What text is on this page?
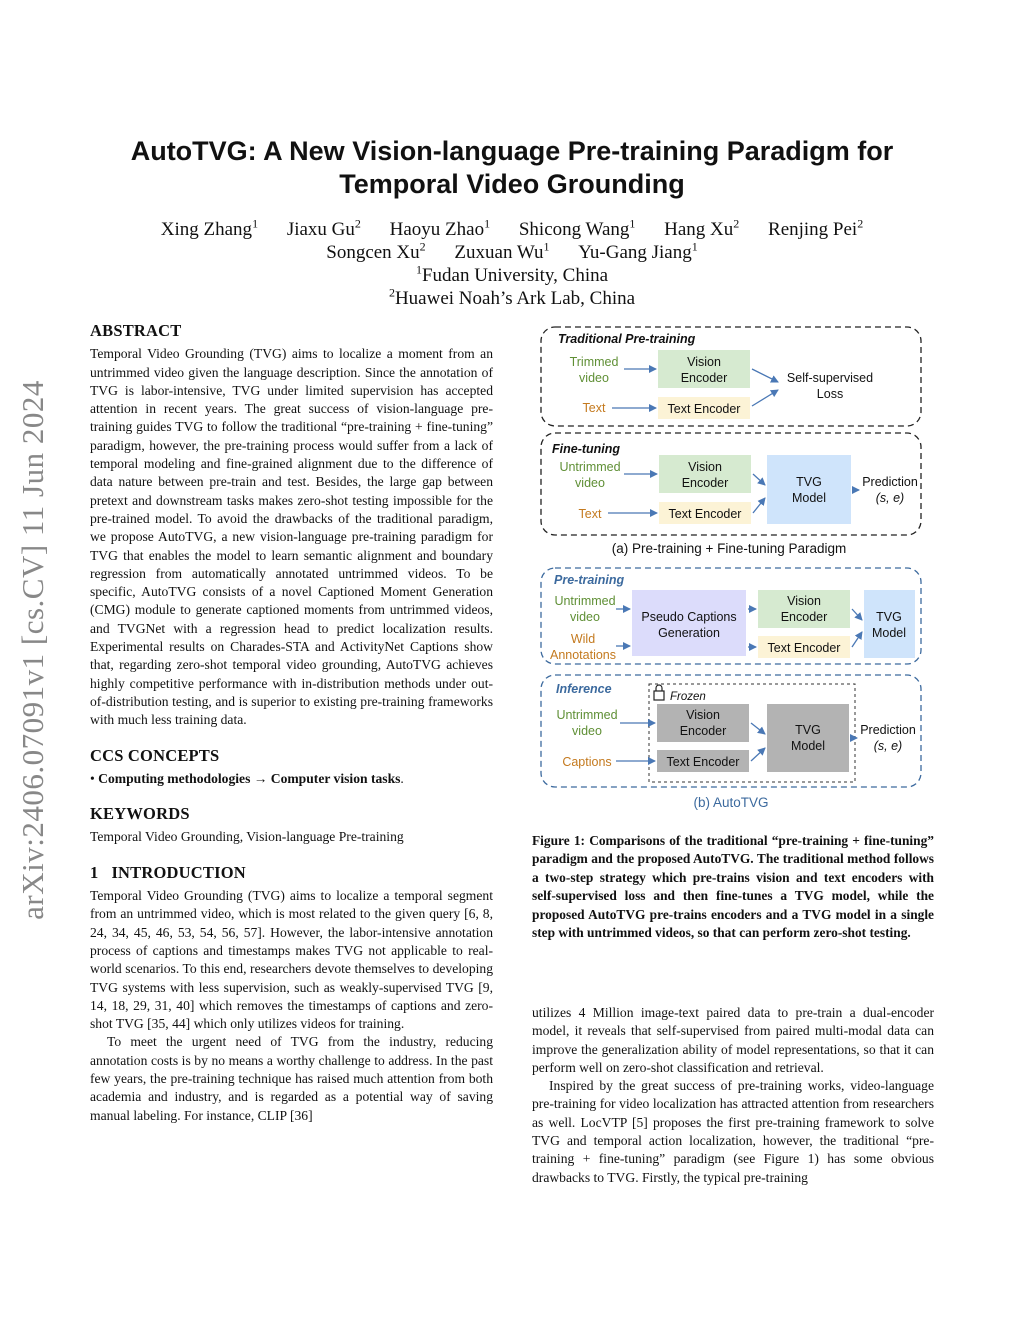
arXiv:2406.07091v1 [cs.CV] 11 Jun 2024
AutoTVG: A New Vision-language Pre-training Paradigm for
Temporal Video Grounding
Xing Zhang$^1$ Jiaxu Gu$^2$ Haoyu Zhao$^1$ Shicong Wang$^1$ Hang Xu$^2$ Renjing Pei$^2$
Songcen Xu$^2$ Zuxuan Wu$^1$ Yu-Gang Jiang$^1$
$^1$Fudan University, China
$^2$Huawei Noah’s Ark Lab, China

ABSTRACT

Temporal Video Grounding (TVG) aims to localize a moment from an untrimmed video given the language description. Since the annotation of TVG is labor-intensive, TVG under limited supervision has accepted attention in recent years. The great success of vision-language pre-training guides TVG to follow the traditional “pre-training + fine-tuning” paradigm, however, the pre-training process would suffer from a lack of temporal modeling and fine-grained alignment due to the difference of data nature between pre-train and test. Besides, the large gap between pretext and downstream tasks makes zero-shot testing impossible for the pre-trained model. To avoid the drawbacks of the traditional paradigm, we propose AutoTVG, a new vision-language pre-training paradigm for TVG that enables the model to learn semantic alignment and boundary regression from automatically annotated untrimmed videos. To be specific, AutoTVG consists of a novel Captioned Moment Generation (CMG) module to generate captioned moments from untrimmed videos, and TVGNet with a regression head to predict localization results. Experimental results on Charades-STA and ActivityNet Captions show that, regarding zero-shot temporal video grounding, AutoTVG achieves highly competitive performance with in-distribution methods under out-of-distribution testing, and is superior to existing pre-training frameworks with much less training data.

CCS CONCEPTS

• Computing methodologies → Computer vision tasks.

KEYWORDS

Temporal Video Grounding, Vision-language Pre-training

1 INTRODUCTION

Temporal Video Grounding (TVG) aims to localize a temporal segment from an untrimmed video, which is most related to the given query [6, 8, 24, 34, 45, 46, 53, 54, 56, 57]. However, the labor-intensive annotation process of captions and timestamps makes TVG not applicable to real-world scenarios. To this end, researchers devote themselves to developing TVG systems with less supervision, such as weakly-supervised TVG [9, 14, 18, 29, 31, 40] which removes the timestamps of captions and zero-shot TVG [35, 44] which only utilizes videos for training.

To meet the urgent need of TVG from the industry, reducing annotation costs is by no means a worthy challenge to address. In the past few years, the pre-training technique has raised much attention from both academia and industry, and is regarded as a potential way of saving manual labeling. For instance, CLIP [36]

Traditional Pre-training
Trimmed video
Text
Vision Encoder
Text Encoder
Self-supervised Loss
Fine-tuning
Untrimmed video
Text
Vision Encoder
Text Encoder
TVG Model
Prediction
(s, e)
(a) Pre-training + Fine-tuning Paradigm
Pre-training
Untrimmed video
Wild Annotations
Pseudo Captions Generation
Vision Encoder
Text Encoder
TVG Model
Inference
Frozen
Untrimmed video
Captions
Vision Encoder
Text Encoder
TVG Model
Prediction
(s, e)
(b) AutoTVG

Figure 1: Comparisons of the traditional “pre-training + fine-tuning” paradigm and the proposed AutoTVG. The traditional method follows a two-step strategy which pre-trains vision and text encoders with self-supervised loss and then fine-tunes a TVG model, while the proposed AutoTVG pre-trains encoders and a TVG model in a single step with untrimmed videos, so that can perform zero-shot testing.

utilizes 4 Million image-text paired data to pre-train a dual-encoder model, it reveals that self-supervised from paired multi-modal data can improve the generalization ability of model representations, so that it can perform well on zero-shot classification and retrieval.

Inspired by the great success of pre-training works, video-language pre-training for video localization has attracted attention from researchers as well. LocVTP [5] proposes the first pre-training framework to solve TVG and temporal action localization, however, the traditional “pre-training + fine-tuning” paradigm (see Figure 1) has some obvious drawbacks to TVG. Firstly, the typical pre-training
